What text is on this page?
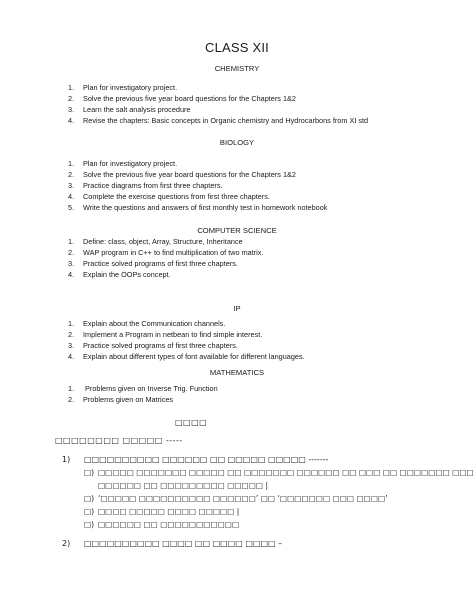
CLASS XII
CHEMISTRY
1. Plan for investigatory project.
2. Solve the previous five year board questions for the Chapters 1&2
3. Learn the salt analysis procedure
4. Revise the chapters: Basic concepts in Organic chemistry and Hydrocarbons from XI std
BIOLOGY
1. Plan for investigatory project.
2. Solve the previous five year board questions for the Chapters 1&2
3. Practice diagrams from first three chapters.
4. Complete the exercise questions from first three chapters.
5. Write the questions and answers of first monthly test in homework notebook
COMPUTER SCIENCE
1. Define: class, object, Array, Structure, Inheritance
2. WAP program in C++ to find multiplication of two matrix.
3. Practice solved programs of first three chapters.
4. Explain the OOPs concept.
IP
1. Explain about the Communication channels.
2. Implement a Program in netbean to find simple interest.
3. Practice solved programs of first three chapters.
4. Explain about different types of font available for different languages.
MATHEMATICS
1. Problems given on Inverse Trig. Function
2. Problems given on Matrices
□□□□
□□□□□□□□ □□□□□ -----
1) □□□□□□□□□□ □□□□□□ □□ □□□□□ □□□□□ -------
□) □□□□□ □□□□□□□ □□□□□ □□ □□□□□□□ □□□□□□ □□ □□□ □□ □□□□□□□ □□□
□□□□□□ □□ □□□□□□□□□ □□□□□ |
□) ‘□□□□□ □□□□□□□□□□ □□□□□□’ □□ ‘□□□□□□□ □□□ □□□□’
□) □□□□ □□□□□ □□□□ □□□□□ |
□) □□□□□□ □□ □□□□□□□□□□□
2) □□□□□□□□□□ □□□□ □□ □□□□ □□□□ –
